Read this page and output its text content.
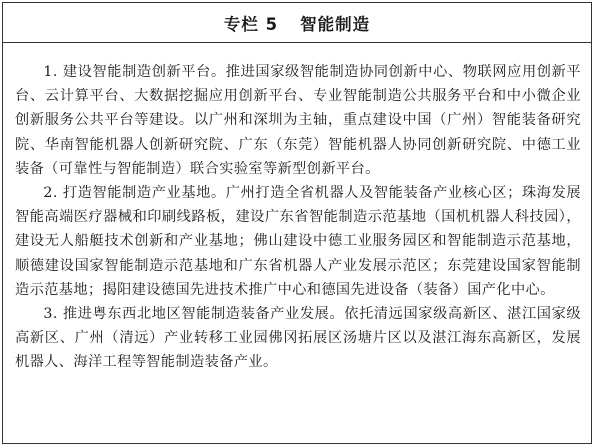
专栏 5 智能制造

1. 建设智能制造创新平台。推进国家级智能制造协同创新中心、物联网应用创新平台、云计算平台、大数据挖掘应用创新平台、专业智能制造公共服务平台和中小微企业创新服务公共平台等建设。以广州和深圳为主轴，重点建设中国（广州）智能装备研究院、华南智能机器人创新研究院、广东（东莞）智能机器人协同创新研究院、中德工业装备（可靠性与智能制造）联合实验室等新型创新平台。

2. 打造智能制造产业基地。广州打造全省机器人及智能装备产业核心区；珠海发展智能高端医疗器械和印刷线路板，建设广东省智能制造示范基地（国机机器人科技园），建设无人船艇技术创新和产业基地；佛山建设中德工业服务园区和智能制造示范基地，顺德建设国家智能制造示范基地和广东省机器人产业发展示范区；东莞建设国家智能制造示范基地；揭阳建设德国先进技术推广中心和德国先进设备（装备）国产化中心。

3. 推进粤东西北地区智能制造装备产业发展。依托清远国家级高新区、湛江国家级高新区、广州（清远）产业转移工业园佛冈拓展区汤塘片区以及湛江海东高新区，发展机器人、海洋工程等智能制造装备产业。
